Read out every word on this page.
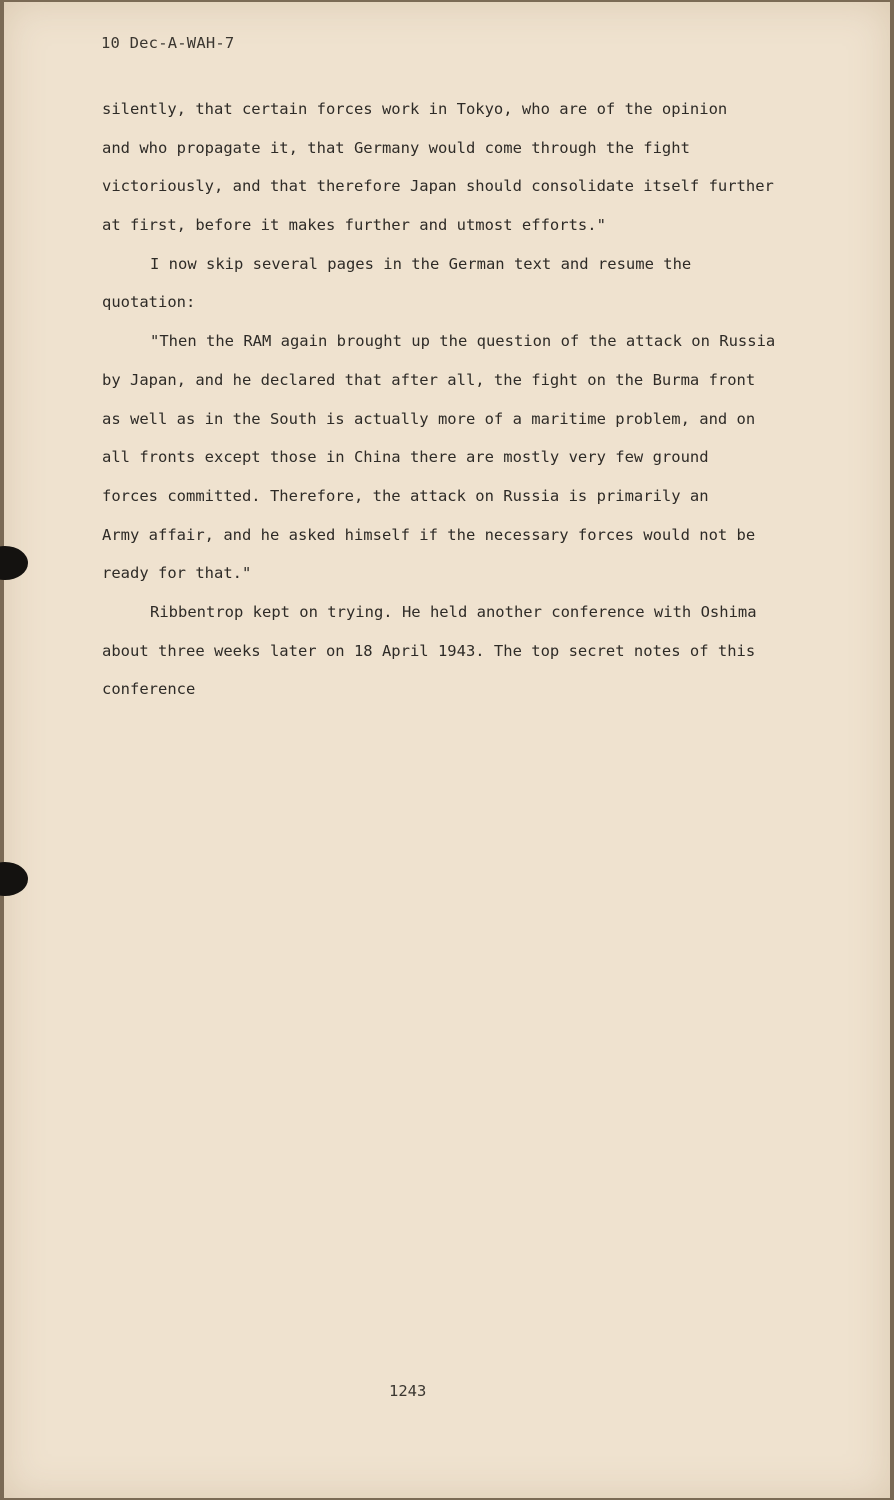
10 Dec-A-WAH-7
silently, that certain forces work in Tokyo, who are of the opinion
and who propagate it, that Germany would come through the fight
victoriously, and that therefore Japan should consolidate itself further
at first, before it makes further and utmost efforts."
I now skip several pages in the German text and resume the
quotation:
"Then the RAM again brought up the question of the attack on Russia
by Japan, and he declared that after all, the fight on the Burma front
as well as in the South is actually more of a maritime problem, and on
all fronts except those in China there are mostly very few ground
forces committed. Therefore, the attack on Russia is primarily an
Army affair, and he asked himself if the necessary forces would not be
ready for that."
Ribbentrop kept on trying. He held another conference with Oshima
about three weeks later on 18 April 1943. The top secret notes of this
conference
1243
